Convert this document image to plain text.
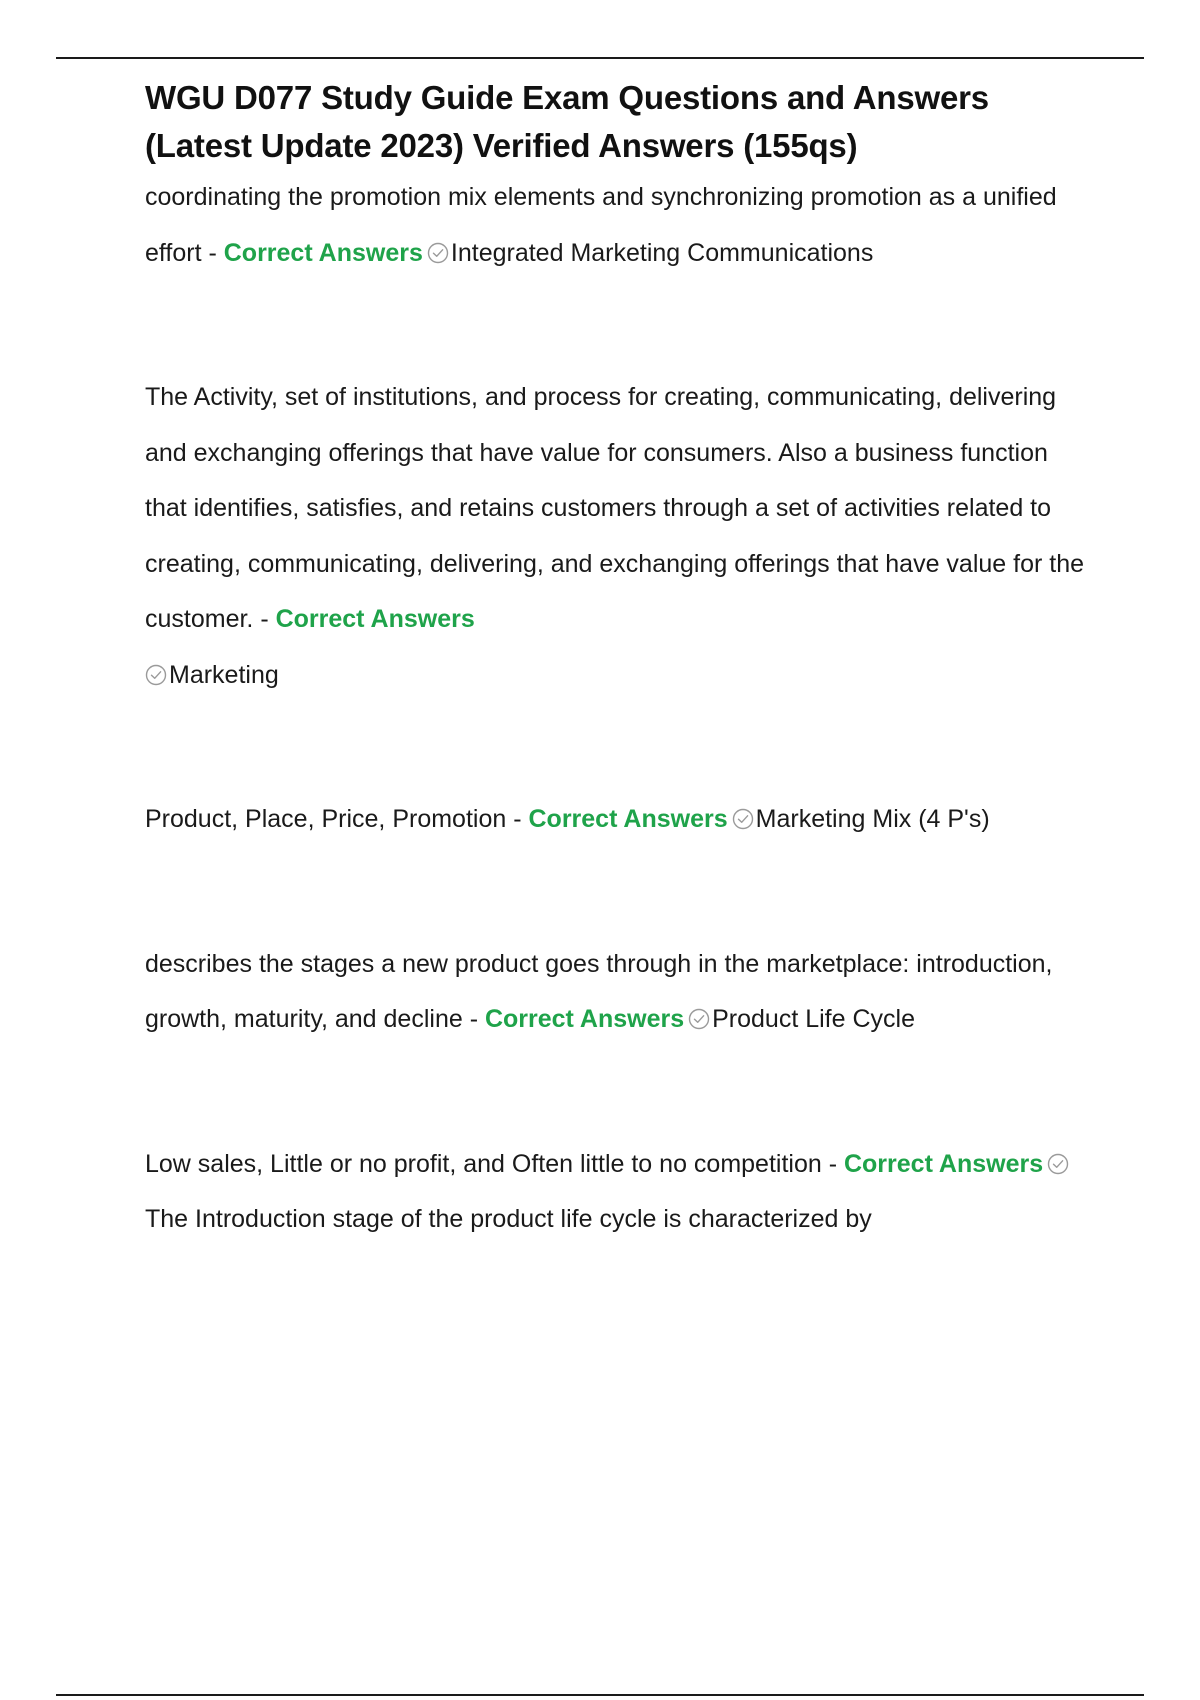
WGU D077 Study Guide Exam Questions and Answers (Latest Update 2023) Verified Answers (155qs)
coordinating the promotion mix elements and synchronizing promotion as a unified effort - Correct Answers Integrated Marketing Communications
The Activity, set of institutions, and process for creating, communicating, delivering and exchanging offerings that have value for consumers. Also a business function that identifies, satisfies, and retains customers through a set of activities related to creating, communicating, delivering, and exchanging offerings that have value for the customer. - Correct Answers

Marketing
Product, Place, Price, Promotion - Correct Answers Marketing Mix (4 P's)
describes the stages a new product goes through in the marketplace: introduction, growth, maturity, and decline - Correct Answers Product Life Cycle
Low sales, Little or no profit, and Often little to no competition - Correct Answers
The Introduction stage of the product life cycle is characterized by
